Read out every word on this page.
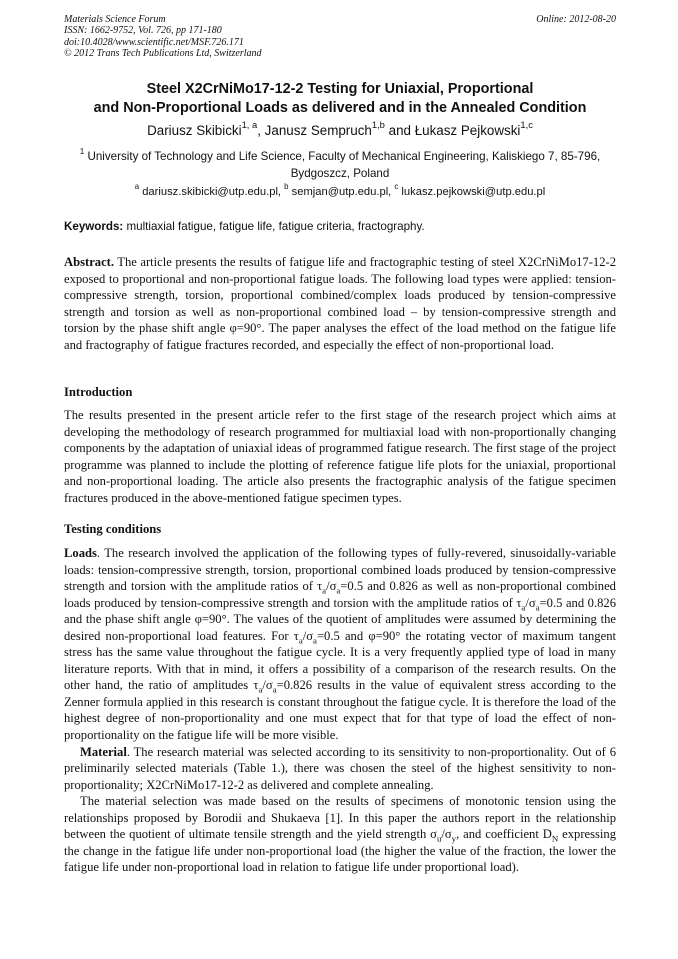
Materials Science Forum
ISSN: 1662-9752, Vol. 726, pp 171-180
doi:10.4028/www.scientific.net/MSF.726.171
© 2012 Trans Tech Publications Ltd, Switzerland
Online: 2012-08-20
Steel X2CrNiMo17-12-2 Testing for Uniaxial, Proportional
and Non-Proportional Loads as delivered and in the Annealed Condition
Dariusz Skibicki$^{1, a}$, Janusz Sempruch$^{1,b}$ and Łukasz Pejkowski$^{1,c}$
$^1$ University of Technology and Life Science, Faculty of Mechanical Engineering, Kaliskiego 7, 85-796, Bydgoszcz, Poland
$^a$ dariusz.skibicki@utp.edu.pl, $^b$ semjan@utp.edu.pl, $^c$ lukasz.pejkowski@utp.edu.pl
Keywords: multiaxial fatigue, fatigue life, fatigue criteria, fractography.
Abstract. The article presents the results of fatigue life and fractographic testing of steel X2CrNiMo17-12-2 exposed to proportional and non-proportional fatigue loads. The following load types were applied: tension-compressive strength, torsion, proportional combined/complex loads produced by tension-compressive strength and torsion as well as non-proportional combined load – by tension-compressive strength and torsion by the phase shift angle φ=90°. The paper analyses the effect of the load method on the fatigue life and fractography of fatigue fractures recorded, and especially the effect of non-proportional load.
Introduction
The results presented in the present article refer to the first stage of the research project which aims at developing the methodology of research programmed for multiaxial load with non-proportionally changing components by the adaptation of uniaxial ideas of programmed fatigue research. The first stage of the project programme was planned to include the plotting of reference fatigue life plots for the uniaxial, proportional and non-proportional loading. The article also presents the fractographic analysis of the fatigue specimen fractures produced in the above-mentioned fatigue specimen types.
Testing conditions

Loads. The research involved the application of the following types of fully-revered, sinusoidally-variable loads: tension-compressive strength, torsion, proportional combined loads produced by tension-compressive strength and torsion with the amplitude ratios of $\tau_a/\sigma_a=0.5$ and 0.826 as well as non-proportional combined loads produced by tension-compressive strength and torsion with the amplitude ratios of $\tau_a/\sigma_a=0.5$ and 0.826 and the phase shift angle φ=90°. The values of the quotient of amplitudes were assumed by determining the desired non-proportional load features. For $\tau_a/\sigma_a=0.5$ and φ=90° the rotating vector of maximum tangent stress has the same value throughout the fatigue cycle. It is a very frequently applied type of load in many literature reports. With that in mind, it offers a possibility of a comparison of the research results. On the other hand, the ratio of amplitudes $\tau_a/\sigma_a=0.826$ results in the value of equivalent stress according to the Zenner formula applied in this research is constant throughout the fatigue cycle. It is therefore the load of the highest degree of non-proportionality and one must expect that for that type of load the effect of non-proportionality on the fatigue life will be more visible.

Material. The research material was selected according to its sensitivity to non-proportionality. Out of 6 preliminarily selected materials (Table 1.), there was chosen the steel of the highest sensitivity to non-proportionality; X2CrNiMo17-12-2 as delivered and complete annealing.

The material selection was made based on the results of specimens of monotonic tension using the relationships proposed by Borodii and Shukaeva [1]. In this paper the authors report in the relationship between the quotient of ultimate tensile strength and the yield strength $\sigma_u/\sigma_y$, and coefficient $D_N$ expressing the change in the fatigue life under non-proportional load (the higher the value of the fraction, the lower the fatigue life under non-proportional load in relation to fatigue life under proportional load).
